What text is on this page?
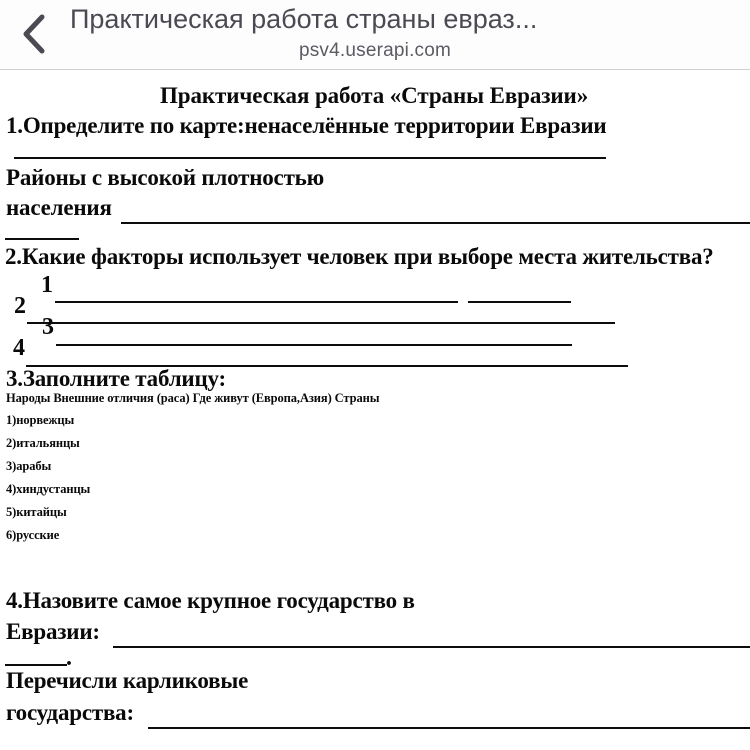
Практическая работа страны евраз...
psv4.userapi.com
Практическая работа «Страны Евразии»
1.Определите по карте:ненаселённые территории Евразии
Районы с высокой плотностью
населения
2.Какие факторы использует человек при выборе места жительства?
1
2
3
4
3.Заполните таблицу:
Народы Внешние отличия (раса) Где живут (Европа,Азия) Страны
1)норвежцы
2)итальянцы
3)арабы
4)хиндустанцы
5)китайцы
6)русские
4.Назовите самое крупное государство в
Евразии:
.
Перечисли карликовые
государства:
